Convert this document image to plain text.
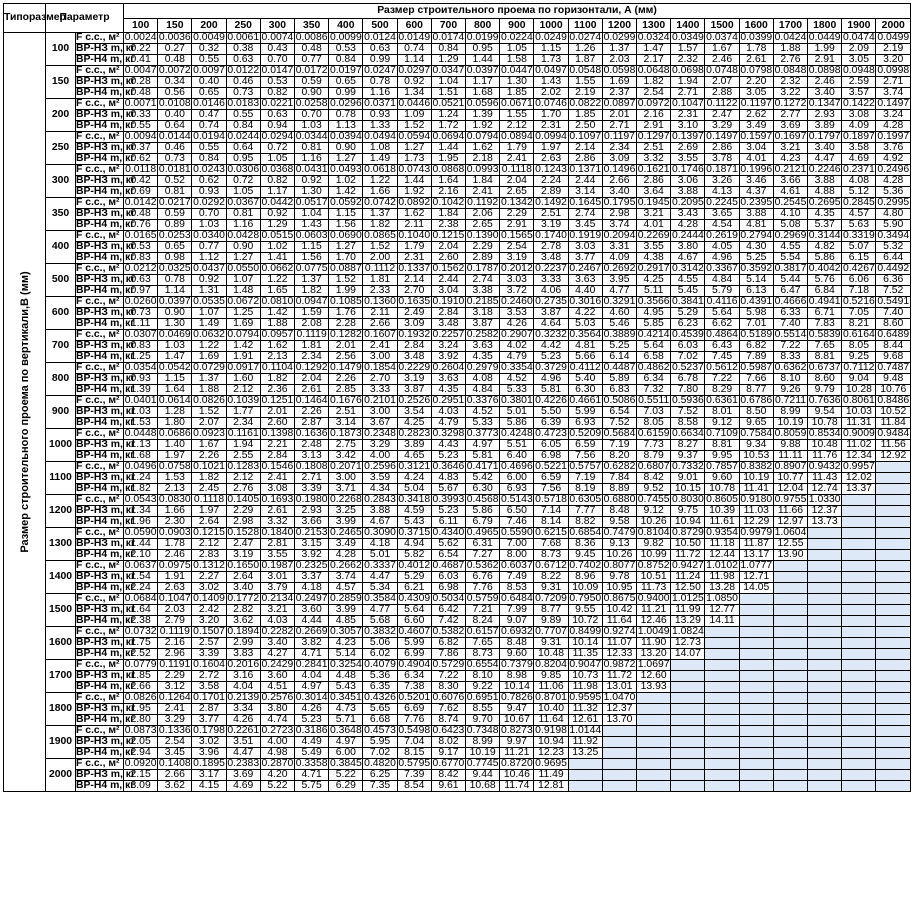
Типоразмер	Параметр		Размер строительного проема по горизонтали, А (мм)																						
			100	150	200	250	300	350	400	500	600	700	800	900	1000	1100	1200	1300	1400	1500	1600	1700	1800	1900	2000

Размер строительного проема по вертикали,В (мм)	100	F с.с., м²	0.0024	0.0036	0.0049	0.0061	0.0074	0.0086	0.0099	0.0124	0.0149	0.0174	0.0199	0.0224	0.0249	0.0274	0.0299	0.0324	0.0349	0.0374	0.0399	0.0424	0.0449	0.0474	0.0499
		ВР-НЗ m, кг	0.22	0.27	0.32	0.38	0.43	0.48	0.53	0.63	0.74	0.84	0.95	1.05	1.15	1.26	1.37	1.47	1.57	1.67	1.78	1.88	1.99	2.09	2.19
		ВР-Н4 m, кг	0.41	0.48	0.55	0.63	0.70	0.77	0.84	0.99	1.14	1.29	1.44	1.58	1.73	1.87	2.03	2.17	2.32	2.46	2.61	2.76	2.91	3.05	3.20
	150	F с.с., м²	0.0047	0.0072	0.0097	0.0122	0.0147	0.0172	0.0197	0.0247	0.0297	0.0347	0.0397	0.0447	0.0497	0.0548	0.0598	0.0648	0.0698	0.0748	0.0798	0.0848	0.0898	0.0948	0.0998
		ВР-НЗ m, кг	0.28	0.34	0.40	0.46	0.53	0.59	0.65	0.78	0.92	1.04	1.17	1.30	1.43	1.55	1.69	1.82	1.94	2.07	2.20	2.32	2.46	2.59	2.71
		ВР-Н4 m, кг	0.48	0.56	0.65	0.73	0.82	0.90	0.99	1.16	1.34	1.51	1.68	1.85	2.02	2.19	2.37	2.54	2.71	2.88	3.05	3.22	3.40	3.57	3.74
	200	F с.с., м²	0.0071	0.0108	0.0146	0.0183	0.0221	0.0258	0.0296	0.0371	0.0446	0.0521	0.0596	0.0671	0.0746	0.0822	0.0897	0.0972	0.1047	0.1122	0.1197	0.1272	0.1347	0.1422	0.1497
		ВР-НЗ m, кг	0.33	0.40	0.47	0.55	0.63	0.70	0.78	0.93	1.09	1.24	1.39	1.55	1.70	1.85	2.01	2.16	2.31	2.47	2.62	2.77	2.93	3.08	3.24
		ВР-Н4 m, кг	0.55	0.64	0.74	0.84	0.94	1.03	1.13	1.33	1.52	1.72	1.92	2.12	2.31	2.50	2.71	2.91	3.10	3.29	3.49	3.69	3.89	4.09	4.28
	250	F с.с., м²	0.0094	0.0144	0.0194	0.0244	0.0294	0.0344	0.0394	0.0494	0.0594	0.0694	0.0794	0.0894	0.0994	0.1097	0.1197	0.1297	0.1397	0.1497	0.1597	0.1697	0.1797	0.1897	0.1997
		ВР-НЗ m, кг	0.37	0.46	0.55	0.64	0.72	0.81	0.90	1.08	1.27	1.44	1.62	1.79	1.97	2.14	2.34	2.51	2.69	2.86	3.04	3.21	3.40	3.58	3.76
		ВР-Н4 m, кг	0.62	0.73	0.84	0.95	1.05	1.16	1.27	1.49	1.73	1.95	2.18	2.41	2.63	2.86	3.09	3.32	3.55	3.78	4.01	4.23	4.47	4.69	4.92
	300	F с.с., м²	0.0118	0.0181	0.0243	0.0306	0.0368	0.0431	0.0493	0.0618	0.0743	0.0868	0.0993	0.1118	0.1243	0.1371	0.1496	0.1621	0.1746	0.1871	0.1996	0.2121	0.2246	0.2371	0.2496
		ВР-НЗ m, кг	0.42	0.52	0.62	0.72	0.82	0.92	1.02	1.22	1.44	1.64	1.84	2.04	2.24	2.44	2.66	2.86	3.06	3.26	3.46	3.66	3.88	4.08	4.28
		ВР-Н4 m, кг	0.69	0.81	0.93	1.05	1.17	1.30	1.42	1.66	1.92	2.16	2.41	2.65	2.89	3.14	3.40	3.64	3.88	4.13	4.37	4.61	4.88	5.12	5.36
	350	F с.с., м²	0.0142	0.0217	0.0292	0.0367	0.0442	0.0517	0.0592	0.0742	0.0892	0.1042	0.1192	0.1342	0.1492	0.1645	0.1795	0.1945	0.2095	0.2245	0.2395	0.2545	0.2695	0.2845	0.2995
		ВР-НЗ m, кг	0.48	0.59	0.70	0.81	0.92	1.04	1.15	1.37	1.62	1.84	2.06	2.29	2.51	2.74	2.98	3.21	3.43	3.65	3.88	4.10	4.35	4.57	4.80
		ВР-Н4 m, кг	0.76	0.89	1.03	1.16	1.29	1.43	1.56	1.82	2.11	2.38	2.65	2.91	3.19	3.45	3.74	4.01	4.28	4.54	4.81	5.08	5.37	5.63	5.90
	400	F с.с., м²	0.0165	0.0253	0.0340	0.0428	0.0515	0.0603	0.0690	0.0865	0.1040	0.1215	0.1390	0.1565	0.1740	0.1919	0.2094	0.2269	0.2444	0.2619	0.2794	0.2969	0.3144	0.3319	0.3494
		ВР-НЗ m, кг	0.53	0.65	0.77	0.90	1.02	1.15	1.27	1.52	1.79	2.04	2.29	2.54	2.78	3.03	3.31	3.55	3.80	4.05	4.30	4.55	4.82	5.07	5.32
		ВР-Н4 m, кг	0.83	0.98	1.12	1.27	1.41	1.56	1.70	2.00	2.31	2.60	2.89	3.19	3.48	3.77	4.09	4.38	4.67	4.96	5.25	5.54	5.86	6.15	6.44
	500	F с.с., м²	0.0212	0.0325	0.0437	0.0550	0.0662	0.0775	0.0887	0.1112	0.1337	0.1562	0.1787	0.2012	0.2237	0.2467	0.2692	0.2917	0.3142	0.3367	0.3592	0.3817	0.4042	0.4267	0.4492
		ВР-НЗ m, кг	0.63	0.78	0.92	1.07	1.22	1.37	1.52	1.81	2.14	2.44	2.74	3.03	3.33	3.63	3.95	4.25	4.55	4.84	5.14	5.44	5.76	6.06	6.36
		ВР-Н4 m, кг	0.97	1.14	1.31	1.48	1.65	1.82	1.99	2.33	2.70	3.04	3.38	3.72	4.06	4.40	4.77	5.11	5.45	5.79	6.13	6.47	6.84	7.18	7.52
	600	F с.с., м²	0.0260	0.0397	0.0535	0.0672	0.0810	0.0947	0.1085	0.1360	0.1635	0.1910	0.2185	0.2460	0.2735	0.3016	0.3291	0.3566	0.3841	0.4116	0.4391	0.4666	0.4941	0.5216	0.5491
		ВР-НЗ m, кг	0.73	0.90	1.07	1.25	1.42	1.59	1.76	2.11	2.49	2.84	3.18	3.53	3.87	4.22	4.60	4.95	5.29	5.64	5.98	6.33	6.71	7.05	7.40
		ВР-Н4 m, кг	1.11	1.30	1.49	1.69	1.88	2.08	2.28	2.66	3.09	3.48	3.87	4.26	4.64	5.03	5.46	5.85	6.23	6.62	7.01	7.40	7.83	8.21	8.60
	700	F с.с., м²	0.0307	0.0469	0.0632	0.0794	0.0957	0.1119	0.1282	0.1607	0.1932	0.2257	0.2582	0.2907	0.3232	0.3564	0.3889	0.4214	0.4539	0.4864	0.5189	0.5514	0.5839	0.6164	0.6489
		ВР-НЗ m, кг	0.83	1.03	1.22	1.42	1.62	1.81	2.01	2.41	2.84	3.24	3.63	4.02	4.42	4.81	5.25	5.64	6.03	6.43	6.82	7.22	7.65	8.05	8.44
		ВР-Н4 m, кг	1.25	1.47	1.69	1.91	2.13	2.34	2.56	3.00	3.48	3.92	4.35	4.79	5.23	5.66	6.14	6.58	7.02	7.45	7.89	8.33	8.81	9.25	9.68
	800	F с.с., м²	0.0354	0.0542	0.0729	0.0917	0.1104	0.1292	0.1479	0.1854	0.2229	0.2604	0.2979	0.3354	0.3729	0.4112	0.4487	0.4862	0.5237	0.5612	0.5987	0.6362	0.6737	0.7112	0.7487
		ВР-НЗ m, кг	0.93	1.15	1.37	1.60	1.82	2.04	2.26	2.70	3.19	3.63	4.08	4.52	4.96	5.40	5.89	6.34	6.78	7.22	7.66	8.10	8.60	9.04	9.48
		ВР-Н4 m, кг	1.39	1.64	1.88	2.12	2.36	2.61	2.85	3.33	3.87	4.35	4.84	5.33	5.81	6.30	6.83	7.32	7.80	8.29	8.77	9.26	9.79	10.28	10.76
	900	F с.с., м²	0.0401	0.0614	0.0826	0.1039	0.1251	0.1464	0.1676	0.2101	0.2526	0.2951	0.3376	0.3801	0.4226	0.4661	0.5086	0.5511	0.5936	0.6361	0.6786	0.7211	0.7636	0.8061	0.8486
		ВР-НЗ m, кг	1.03	1.28	1.52	1.77	2.01	2.26	2.51	3.00	3.54	4.03	4.52	5.01	5.50	5.99	6.54	7.03	7.52	8.01	8.50	8.99	9.54	10.03	10.52
		ВР-Н4 m, кг	1.53	1.80	2.07	2.34	2.60	2.87	3.14	3.67	4.25	4.79	5.33	5.86	6.39	6.93	7.52	8.05	8.58	9.12	9.65	10.19	10.78	11.31	11.84
	1000	F с.с., м²	0.0448	0.0686	0.0923	0.1161	0.1398	0.1636	0.1873	0.2348	0.2823	0.3298	0.3773	0.4248	0.4723	0.5209	0.5684	0.6159	0.6634	0.7109	0.7584	0.8059	0.8534	0.9009	0.9484
		ВР-НЗ m, кг	1.13	1.40	1.67	1.94	2.21	2.48	2.75	3.29	3.89	4.43	4.97	5.51	6.05	6.59	7.19	7.73	8.27	8.81	9.34	9.88	10.48	11.02	11.56
		ВР-Н4 m, кг	1.68	1.97	2.26	2.55	2.84	3.13	3.42	4.00	4.65	5.23	5.81	6.40	6.98	7.56	8.20	8.79	9.37	9.95	10.53	11.11	11.76	12.34	12.92
	1100	F с.с., м²	0.0496	0.0758	0.1021	0.1283	0.1546	0.1808	0.2071	0.2596	0.3121	0.3646	0.4171	0.4696	0.5221	0.5757	0.6282	0.6807	0.7332	0.7857	0.8382	0.8907	0.9432	0.9957	
		ВР-НЗ m, кг	1.24	1.53	1.82	2.12	2.41	2.71	3.00	3.59	4.24	4.83	5.42	6.00	6.59	7.19	7.84	8.42	9.01	9.60	10.19	10.77	11.43	12.02	
		ВР-Н4 m, кг	1.82	2.13	2.45	2.76	3.08	3.39	3.71	4.34	5.04	5.67	6.30	6.93	7.56	8.19	8.89	9.52	10.15	10.78	11.41	12.04	12.74	13.37	
	1200	F с.с., м²	0.0543	0.0830	0.1118	0.1405	0.1693	0.1980	0.2268	0.2843	0.3418	0.3993	0.4568	0.5143	0.5718	0.6305	0.6880	0.7455	0.8030	0.8605	0.9180	0.9755	1.0330		
		ВР-НЗ m, кг	1.34	1.66	1.97	2.29	2.61	2.93	3.25	3.88	4.59	5.23	5.86	6.50	7.14	7.77	8.48	9.12	9.75	10.39	11.03	11.66	12.37		
		ВР-Н4 m, кг	1.96	2.30	2.64	2.98	3.32	3.66	3.99	4.67	5.43	6.11	6.79	7.46	8.14	8.82	9.58	10.26	10.94	11.61	12.29	12.97	13.73		
	1300	F с.с., м²	0.0590	0.0903	0.1215	0.1528	0.1840	0.2153	0.2465	0.3090	0.3715	0.4340	0.4965	0.5590	0.6215	0.6854	0.7479	0.8104	0.8729	0.9354	0.9979	1.0604			
		ВР-НЗ m, кг	1.44	1.78	2.12	2.47	2.81	3.15	3.49	4.18	4.94	5.62	6.31	7.00	7.68	8.36	9.13	9.82	10.50	11.18	11.87	12.55			
		ВР-Н4 m, кг	2.10	2.46	2.83	3.19	3.55	3.92	4.28	5.01	5.82	6.54	7.27	8.00	8.73	9.45	10.26	10.99	11.72	12.44	13.17	13.90			
	1400	F с.с., м²	0.0637	0.0975	0.1312	0.1650	0.1987	0.2325	0.2662	0.3337	0.4012	0.4687	0.5362	0.6037	0.6712	0.7402	0.8077	0.8752	0.9427	1.0102	1.0777				
		ВР-НЗ m, кг	1.54	1.91	2.27	2.64	3.01	3.37	3.74	4.47	5.29	6.03	6.76	7.49	8.22	8.96	9.78	10.51	11.24	11.98	12.71				
		ВР-Н4 m, кг	2.24	2.63	3.02	3.40	3.79	4.18	4.57	5.34	6.21	6.98	7.76	8.53	9.31	10.09	10.95	11.73	12.50	13.28	14.05				
	1500	F с.с., м²	0.0684	0.1047	0.1409	0.1772	0.2134	0.2497	0.2859	0.3584	0.4309	0.5034	0.5759	0.6484	0.7209	0.7950	0.8675	0.9400	1.0125	1.0850					
		ВР-НЗ m, кг	1.64	2.03	2.42	2.82	3.21	3.60	3.99	4.77	5.64	6.42	7.21	7.99	8.77	9.55	10.42	11.21	11.99	12.77					
		ВР-Н4 m, кг	2.38	2.79	3.20	3.62	4.03	4.44	4.85	5.68	6.60	7.42	8.24	9.07	9.89	10.72	11.64	12.46	13.29	14.11					
	1600	F с.с., м²	0.0732	0.1119	0.1507	0.1894	0.2282	0.2669	0.3057	0.3832	0.4607	0.5382	0.6157	0.6932	0.7707	0.8499	0.9274	1.0049	1.0824						
		ВР-НЗ m, кг	1.75	2.16	2.57	2.99	3.40	3.82	4.23	5.06	5.99	6.82	7.65	8.48	9.31	10.14	11.07	11.90	12.73						
		ВР-Н4 m, кг	2.52	2.96	3.39	3.83	4.27	4.71	5.14	6.02	6.99	7.86	8.73	9.60	10.48	11.35	12.33	13.20	14.07						
	1700	F с.с., м²	0.0779	0.1191	0.1604	0.2016	0.2429	0.2841	0.3254	0.4079	0.4904	0.5729	0.6554	0.7379	0.8204	0.9047	0.9872	1.0697							
		ВР-НЗ m, кг	1.85	2.29	2.72	3.16	3.60	4.04	4.48	5.36	6.34	7.22	8.10	8.98	9.85	10.73	11.72	12.60							
		ВР-Н4 m, кг	2.66	3.12	3.58	4.04	4.51	4.97	5.43	6.35	7.38	8.30	9.22	10.14	11.06	11.98	13.01	13.93							
	1800	F с.с., м²	0.0826	0.1264	0.1701	0.2139	0.2576	0.3014	0.3451	0.4326	0.5201	0.6076	0.6951	0.7826	0.8701	0.9595	1.0470								
		ВР-НЗ m, кг	1.95	2.41	2.87	3.34	3.80	4.26	4.73	5.65	6.69	7.62	8.55	9.47	10.40	11.32	12.37								
		ВР-Н4 m, кг	2.80	3.29	3.77	4.26	4.74	5.23	5.71	6.68	7.76	8.74	9.70	10.67	11.64	12.61	13.70								
	1900	F с.с., м²	0.0873	0.1336	0.1798	0.2261	0.2723	0.3186	0.3648	0.4573	0.5498	0.6423	0.7348	0.8273	0.9198	1.0144									
		ВР-НЗ m, кг	2.05	2.54	3.02	3.51	4.00	4.49	4.97	5.95	7.04	8.02	8.99	9.97	10.94	11.92									
		ВР-Н4 m, кг	2.94	3.45	3.96	4.47	4.98	5.49	6.00	7.02	8.15	9.17	10.19	11.21	12.23	13.25									
	2000	F с.с., м²	0.0920	0.1408	0.1895	0.2383	0.2870	0.3358	0.3845	0.4820	0.5795	0.6770	0.7745	0.8720	0.9695										
		ВР-НЗ m, кг	2.15	2.66	3.17	3.69	4.20	4.71	5.22	6.25	7.39	8.42	9.44	10.46	11.49										
		ВР-Н4 m, кг	3.09	3.62	4.15	4.69	5.22	5.75	6.29	7.35	8.54	9.61	10.68	11.74	12.81										
